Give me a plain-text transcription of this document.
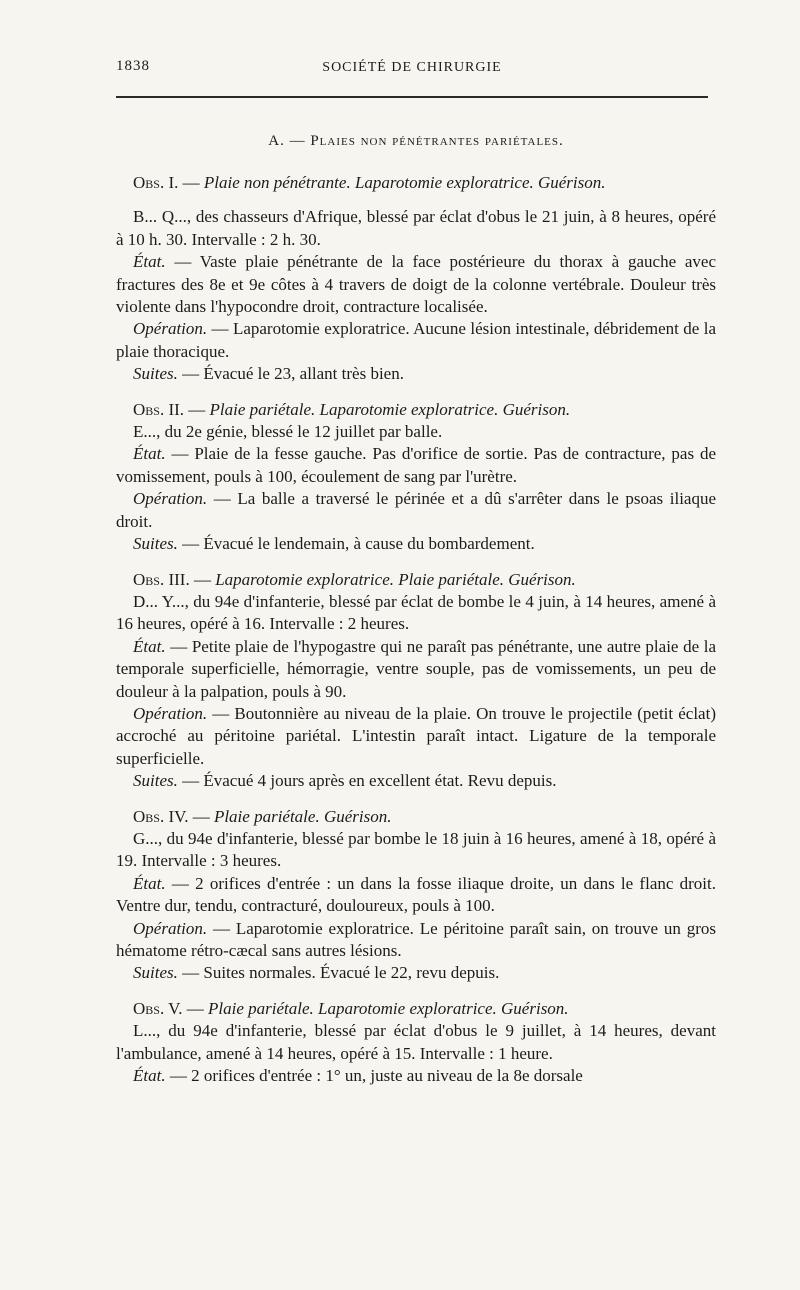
1838	SOCIÉTÉ DE CHIRURGIE
A. — Plaies non pénétrantes pariétales.

Obs. I. — Plaie non pénétrante. Laparotomie exploratrice. Guérison.

B... Q..., des chasseurs d'Afrique, blessé par éclat d'obus le 21 juin, à 8 heures, opéré à 10 h. 30. Intervalle : 2 h. 30.

État. — Vaste plaie pénétrante de la face postérieure du thorax à gauche avec fractures des 8e et 9e côtes à 4 travers de doigt de la colonne vertébrale. Douleur très violente dans l'hypocondre droit, contracture localisée.

Opération. — Laparotomie exploratrice. Aucune lésion intestinale, débridement de la plaie thoracique.

Suites. — Évacué le 23, allant très bien.

Obs. II. — Plaie pariétale. Laparotomie exploratrice. Guérison.

E..., du 2e génie, blessé le 12 juillet par balle.

État. — Plaie de la fesse gauche. Pas d'orifice de sortie. Pas de contracture, pas de vomissement, pouls à 100, écoulement de sang par l'urètre.

Opération. — La balle a traversé le périnée et a dû s'arrêter dans le psoas iliaque droit.

Suites. — Évacué le lendemain, à cause du bombardement.

Obs. III. — Laparotomie exploratrice. Plaie pariétale. Guérison.

D... Y..., du 94e d'infanterie, blessé par éclat de bombe le 4 juin, à 14 heures, amené à 16 heures, opéré à 16. Intervalle : 2 heures.

État. — Petite plaie de l'hypogastre qui ne paraît pas pénétrante, une autre plaie de la temporale superficielle, hémorragie, ventre souple, pas de vomissements, un peu de douleur à la palpation, pouls à 90.

Opération. — Boutonnière au niveau de la plaie. On trouve le projectile (petit éclat) accroché au péritoine pariétal. L'intestin paraît intact. Ligature de la temporale superficielle.

Suites. — Évacué 4 jours après en excellent état. Revu depuis.

Obs. IV. — Plaie pariétale. Guérison.

G..., du 94e d'infanterie, blessé par bombe le 18 juin à 16 heures, amené à 18, opéré à 19. Intervalle : 3 heures.

État. — 2 orifices d'entrée : un dans la fosse iliaque droite, un dans le flanc droit. Ventre dur, tendu, contracturé, douloureux, pouls à 100.

Opération. — Laparotomie exploratrice. Le péritoine paraît sain, on trouve un gros hématome rétro-cæcal sans autres lésions.

Suites. — Suites normales. Évacué le 22, revu depuis.

Obs. V. — Plaie pariétale. Laparotomie exploratrice. Guérison.

L..., du 94e d'infanterie, blessé par éclat d'obus le 9 juillet, à 14 heures, devant l'ambulance, amené à 14 heures, opéré à 15. Intervalle : 1 heure.

État. — 2 orifices d'entrée : 1° un, juste au niveau de la 8e dorsale
